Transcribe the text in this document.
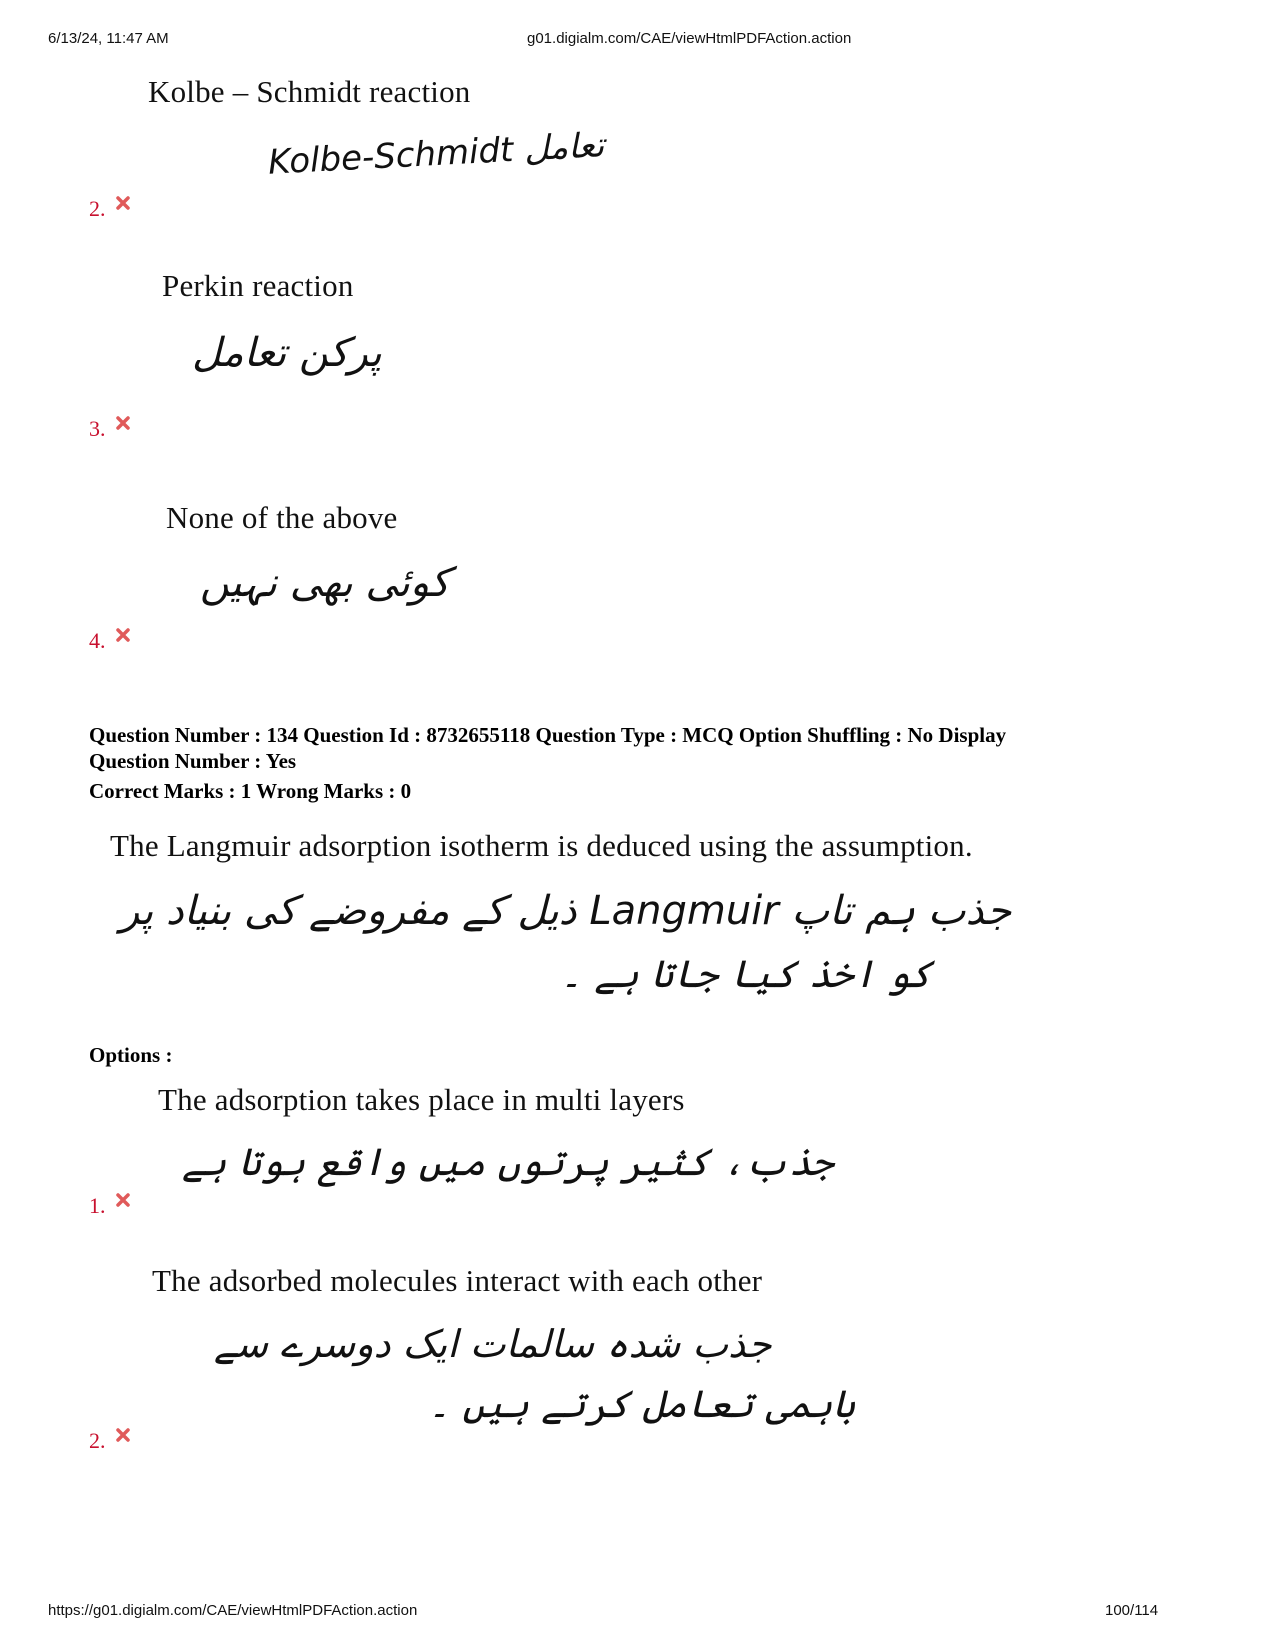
6/13/24, 11:47 AM	g01.digialm.com/CAE/viewHtmlPDFAction.action
Kolbe – Schmidt reaction
Kolbe-Schmidt تعامل
2.
Perkin reaction
پرکن تعامل
3.
None of the above
کوئی بھی نہیں
4.
Question Number : 134 Question Id : 8732655118 Question Type : MCQ Option Shuffling : No Display
Question Number : Yes
Correct Marks : 1 Wrong Marks : 0
The Langmuir adsorption isotherm is deduced using the assumption.
ذیل کے مفروضے کی بنیاد پر Langmuir جذب ہم تاپ
کو اخذ کیا جاتا ہے ۔
Options :
The adsorption takes place in multi layers
جذب، کثیر پرتوں میں واقع ہوتا ہے
1.
The adsorbed molecules interact with each other
جذب شدہ سالمات ایک دوسرے سے
باہمی تعامل کرتے ہیں ۔
2.
https://g01.digialm.com/CAE/viewHtmlPDFAction.action	100/114
